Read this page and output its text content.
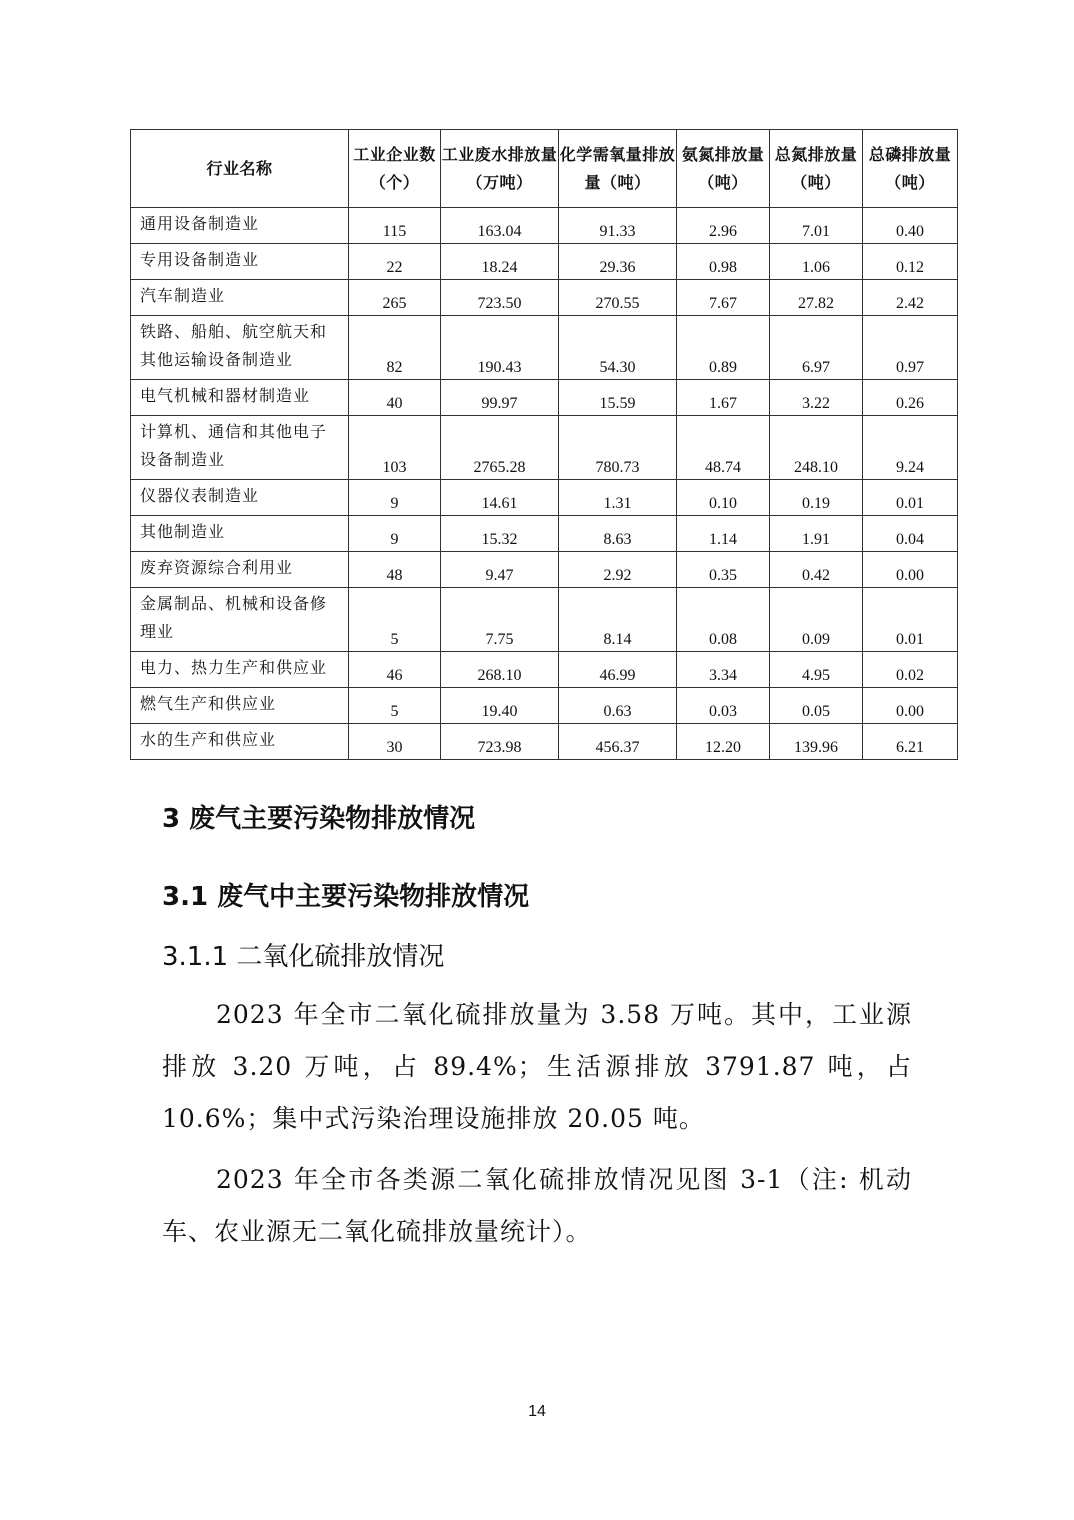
行业名称	工业企业数（个）	工业废水排放量（万吨）	化学需氧量排放量（吨）	氨氮排放量（吨）	总氮排放量（吨）	总磷排放量（吨）
通用设备制造业	115	163.04	91.33	2.96	7.01	0.40
专用设备制造业	22	18.24	29.36	0.98	1.06	0.12
汽车制造业	265	723.50	270.55	7.67	27.82	2.42
铁路、船舶、航空航天和其他运输设备制造业	82	190.43	54.30	0.89	6.97	0.97
电气机械和器材制造业	40	99.97	15.59	1.67	3.22	0.26
计算机、通信和其他电子设备制造业	103	2765.28	780.73	48.74	248.10	9.24
仪器仪表制造业	9	14.61	1.31	0.10	0.19	0.01
其他制造业	9	15.32	8.63	1.14	1.91	0.04
废弃资源综合利用业	48	9.47	2.92	0.35	0.42	0.00
金属制品、机械和设备修理业	5	7.75	8.14	0.08	0.09	0.01
电力、热力生产和供应业	46	268.10	46.99	3.34	4.95	0.02
燃气生产和供应业	5	19.40	0.63	0.03	0.05	0.00
水的生产和供应业	30	723.98	456.37	12.20	139.96	6.21
3 废气主要污染物排放情况
3.1 废气中主要污染物排放情况
3.1.1 二氧化硫排放情况

2023 年全市二氧化硫排放量为 3.58 万吨。其中，工业源排放 3.20 万吨，占 89.4%；生活源排放 3791.87 吨，占 10.6%；集中式污染治理设施排放 20.05 吨。

2023 年全市各类源二氧化硫排放情况见图 3-1（注: 机动车、农业源无二氧化硫排放量统计）。

14
